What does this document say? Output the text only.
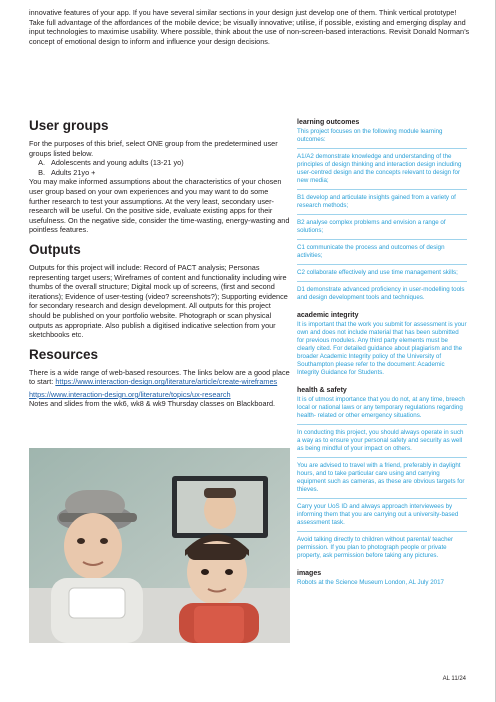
innovative features of your app. If you have several similar sections in your design just develop one of them. Think vertical prototype!

Take full advantage of the affordances of the mobile device; be visually innovative; utilise, if possible, existing and emerging display and input technologies to maximise usability. Where possible, think about the use of non-screen-based interactions. Revisit Donald Norman’s concept of emotional design to inform and influence your design decisions.

User groups

For the purposes of this brief, select ONE group from the predetermined user groups listed below.

A. Adolescents and young adults (13-21 yo)
B. Adults 21yo +

You may make informed assumptions about the characteristics of your chosen user group based on your own experiences and you may want to do some further research to test your assumptions. At the very least, secondary user-research will be useful. On the positive side, evaluate existing apps for their usefulness. On the negative side, consider the time-wasting, energy-wasting and pointless features.

Outputs

Outputs for this project will include: Record of PACT analysis; Personas representing target users; Wireframes of content and functionality including wire thumbs of the overall structure; Digital mock up of screens, (first and second iterations); Evidence of user-testing (video? screenshots?); Supporting evidence for secondary research and design development. All outputs for this project should be published on your portfolio website. Photograph or scan physical outputs as appropriate. Also publish a digitised indicative selection from your sketchbooks etc.

Resources

There is a wide range of web-based resources. The links below are a good place to start: https://www.interaction-design.org/literature/article/create-wireframes

https://www.interaction-design.org/literature/topics/ux-research

Notes and slides from the wk6, wk8 & wk9 Thursday classes on Blackboard.

learning outcomes

This project focuses on the following module learning outcomes:

A1/A2 demonstrate knowledge and understanding of the principles of design thinking and interaction design including user-centred design and the concepts relevant to design for new media;

B1 develop and articulate insights gained from a variety of research methods;

B2 analyse complex problems and envision a range of solutions;

C1 communicate the process and outcomes of design activities;

C2 collaborate effectively and use time management skills;

D1 demonstrate advanced proficiency in user-modelling tools and design development tools and techniques.

academic integrity

It is important that the work you submit for assessment is your own and does not include material that has been submitted for previous modules. Any third party elements must be clearly cited. For detailed guidance about plagiarism and the broader Academic Integrity policy of the University of Southampton please refer to the document: Academic Integrity Guidance for Students.

health & safety

It is of utmost importance that you do not, at any time, breech local or national laws or any temporary regulations regarding health- related or other emergency situations.

In conducting this project, you should always operate in such a way as to ensure your personal safety and security as well as being mindful of your impact on others.

You are advised to travel with a friend, preferably in daylight hours, and to take particular care using and carrying equipment such as cameras, as these are obvious targets for thieves.

Carry your UoS ID and always approach interviewees by informing them that you are carrying out a university-based assessment task.

Avoid talking directly to children without parental/ teacher permission. If you plan to photograph people or private property, ask permission before taking any pictures.

images

Robots at the Science Museum London, AL July 2017

AL 11/24
